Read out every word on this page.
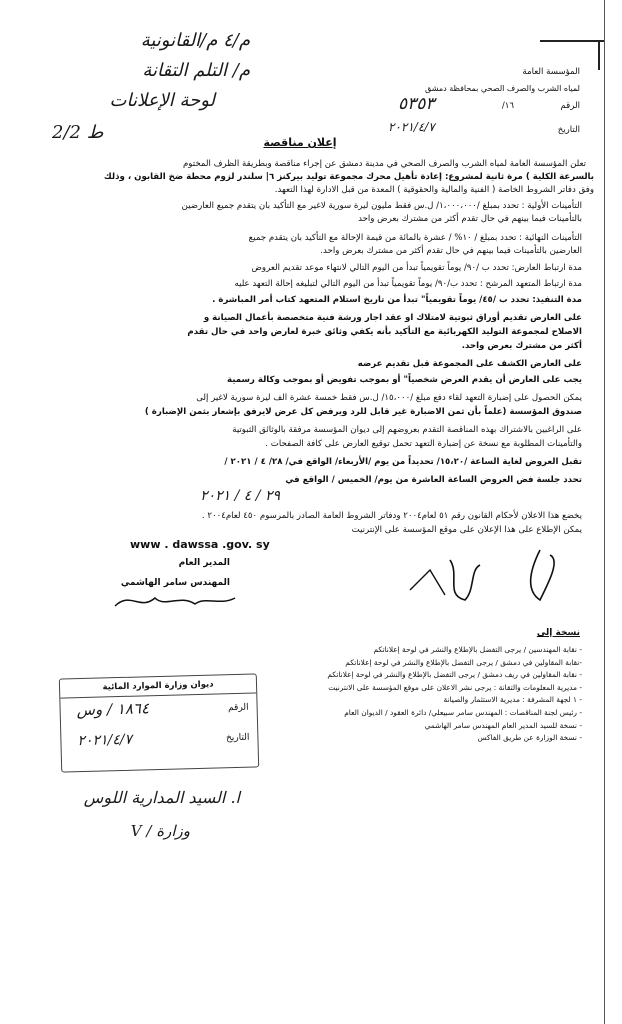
م/٤ م/القانونية
م/ التلم التقانة
لوحة الإعلانات
ط 2/2
المؤسسة العامة
لمياه الشرب والصرف الصحي بمحافظة دمشق
الرقم
١٦/
٥٣٥٣
التاريخ
٢٠٢١/٤/٧
إعلان مناقصة
تعلن المؤسسة العامة لمياه الشرب والصرف الصحي في مدينة دمشق عن إجراء مناقصة وبطريقة الظرف المختوم
بالسرعة الكلية ) مرة ثانية لمشروع: إعادة تأهيل محرك مجموعة توليد بيركنز ٦| سلندر لزوم محطة ضخ القابون ، وذلك
وفق دفاتر الشروط الخاصة ( الفنية والمالية والحقوقية ) المعدة من قبل الادارة لهذا التعهد.
التأمينات الأولية : تحدد بمبلغ /١،٠٠٠،٠٠٠/ ل.س فقط مليون ليرة سورية لاغير مع التأكيد بان يتقدم جميع العارضين
بالتأمينات فيما بينهم في حال تقدم أكثر من مشترك بعرض واحد
التأمينات النهائية : تحدد بمبلغ / ١٠% / عشرة بالمائة من قيمة الإحالة مع التأكيد بان يتقدم جميع
العارضين بالتأمينات فيما بينهم في حال تقدم أكثر من مشترك بعرض واحد.
مدة ارتباط العارض: تحدد ب /٩٠/ يوماً تقويمياً تبدأ من اليوم التالي لانتهاء موعد تقديم العروض
مدة ارتباط المتعهد المرشح : تحدد ب/٩٠/ يوماً تقويمياً تبدأ من اليوم التالي لتبليغه إحالة التعهد عليه
مدة التنفيذ: تحدد ب /٤٥/ يوماً تقويمياً" تبدأ من تاريخ استلام المتعهد كتاب أمر المباشرة .
على العارض تقديم أوراق ثبوتية لامتلاك او عقد اجار ورشة فنية متخصصة بأعمال الصيانة و
الاصلاح لمجموعة التوليد الكهربائية مع التأكيد بأنه يكفي وثائق خبرة لعارض واحد في حال تقدم
أكثر من مشترك بعرض واحد.
على العارض الكشف على المجموعة قبل تقديم عرضه
يجب على العارض أن يقدم العرض شخصياً" أو بموجب تفويض أو بموجب وكالة رسمية
يمكن الحصول على إضبارة التعهد لقاء دفع مبلغ /١٥،٠٠٠/ ل.س فقط خمسة عشرة الف ليرة سورية لاغير إلى
صندوق المؤسسة (علماً بأن ثمن الاضبارة غير قابل للرد ويرفض كل عرض لايرفق بإشعار بثمن الإضبارة )
على الراغبين بالاشتراك بهذه المناقصة التقدم بعروضهم إلى ديوان المؤسسة مرفقة بالوثائق الثبوتية
والتأمينات المطلوبة مع نسخة عن إضبارة التعهد تحمل توقيع العارض على كافة الصفحات .
تقبل العروض لغاية الساعة /١٥،٢٠/ تحديداً من يوم /الأربعاء/ الواقع في/ ٢٨/ ٤ / ٢٠٢١ /
تحدد جلسة فض العروض الساعة العاشرة من يوم/ الخميس / الواقع في
٢٩ / ٤ / ٢٠٢١
يخضع هذا الاعلان لأحكام القانون رقم ٥١ لعام٢٠٠٤ ودفاتر الشروط العامة الصادر بالمرسوم ٤٥٠ لعام٢٠٠٤ .
يمكن الإطلاع على هذا الإعلان على موقع المؤسسة على الإنترنيت
www . dawssa .gov. sy
المدير العام
المهندس سامر الهاشمي
نسخة إلى
- نقابة المهندسين / يرجى التفضل بالإطلاع والنشر في لوحة إعلاناتكم
-نقابة المقاولين في دمشق / يرجى التفضل بالإطلاع والنشر في لوحة إعلاناتكم
- نقابة المقاولين في ريف دمشق / يرجى التفضل بالإطلاع والنشر في لوحة إعلاناتكم
- مديرية المعلومات والتقانة : يرجى نشر الاعلان على موقع المؤسسة على الانترنيت
- ١ لجهة المشرفة : مديرية الاستثمار والصيانة
- رئيس لجنة المناقصات : المهندس سامر سبيعلي/ دائرة العقود / الديوان العام
- نسخة للسيد المدير العام المهندس سامر الهاشمي
- نسخة الوزارة عن طريق الفاكس
ديوان وزارة الموارد المائية
الرقم
١٨٦٤ / وس
التاريخ
٢٠٢١/٤/٧
ا. السيد المدارية اللوس
وزارة / V
